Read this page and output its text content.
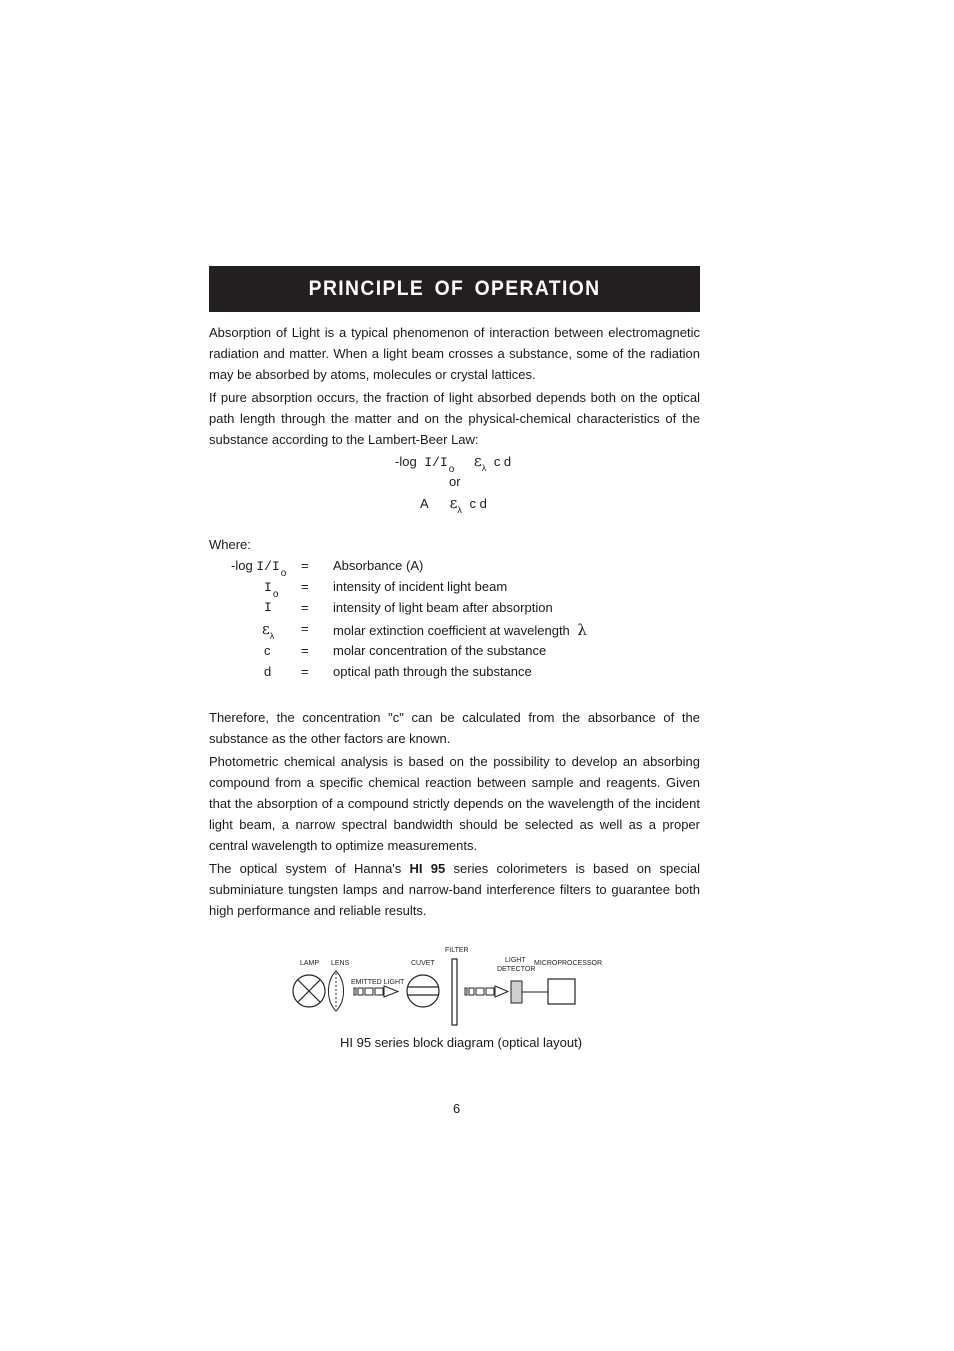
PRINCIPLE OF OPERATION

Absorption of Light is a typical phenomenon of interaction between electromagnetic radiation and matter. When a light beam crosses a substance, some of the radiation may be absorbed by atoms, molecules or crystal lattices.

If pure absorption occurs, the fraction of light absorbed depends both on the optical path length through the matter and on the physical-chemical characteristics of the substance according to the Lambert-Beer Law:

-log $I/I_o$ $\varepsilon_\lambda$ c d
or
A $\varepsilon_\lambda$ c d
Where:
-log $I/I_o$
$I_o$
I
$\varepsilon_\lambda$
c
d
=
=
=
=
=
=
Absorbance (A)
intensity of incident light beam
intensity of light beam after absorption
molar extinction coefficient at wavelength λ
molar concentration of the substance
optical path through the substance

Therefore, the concentration "c" can be calculated from the absorbance of the substance as the other factors are known.

Photometric chemical analysis is based on the possibility to develop an absorbing compound from a specific chemical reaction between sample and reagents. Given that the absorption of a compound strictly depends on the wavelength of the incident light beam, a narrow spectral bandwidth should be selected as well as a proper central wavelength to optimize measurements.

The optical system of Hanna's HI 95 series colorimeters is based on special subminiature tungsten lamps and narrow-band interference filters to guarantee both high performance and reliable results.

LAMP LENS
EMITTED LIGHT
CUVET
FILTER
LIGHT
DETECTOR
MICROPROCESSOR
HI 95 series block diagram (optical layout)
6
